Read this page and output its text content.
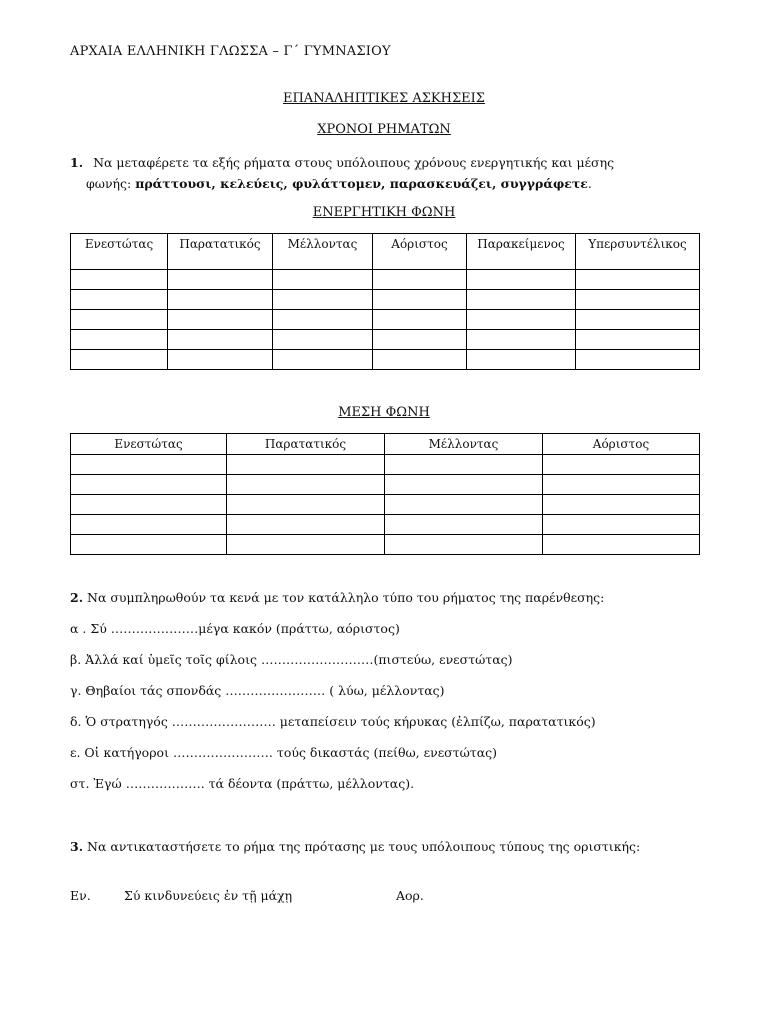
ΑΡΧΑΙΑ ΕΛΛΗΝΙΚΗ ΓΛΩΣΣΑ – Γ΄ ΓΥΜΝΑΣΙΟΥ
ΕΠΑΝΑΛΗΠΤΙΚΕΣ ΑΣΚΗΣΕΙΣ
ΧΡΟΝΟΙ ΡΗΜΑΤΩΝ
1. Να μεταφέρετε τα εξής ρήματα στους υπόλοιπους χρόνους ενεργητικής και μέσης
φωνής: πράττουσι, κελεύεις, φυλάττομεν, παρασκευάζει, συγγράφετε.
ΕΝΕΡΓΗΤΙΚΗ ΦΩΝΗ
Ενεστώτας	Παρατατικός	Μέλλοντας	Αόριστος	Παρακείμενος	Υπερσυντέλικος

ΜΕΣΗ ΦΩΝΗ
Ενεστώτας	Παρατατικός	Μέλλοντας	Αόριστος

2. Να συμπληρωθούν τα κενά με τον κατάλληλο τύπο του ρήματος της παρένθεσης:
α . Σύ …………………μέγα κακόν (πράττω, αόριστος)
β. Ἀλλά καί ὑμεῖς τοῖς φίλοις ………………………(πιστεύω, ενεστώτας)
γ. Θηβαίοι τάς σπονδάς …………………… ( λύω, μέλλοντας)
δ. Ὁ στρατηγός ……………………. μεταπείσειν τούς κήρυκας (ἐλπίζω, παρατατικός)
ε. Οἱ κατήγοροι …………………… τούς δικαστάς (πείθω, ενεστώτας)
στ. Ἐγώ ………………. τά δέοντα (πράττω, μέλλοντας).
3. Να αντικαταστήσετε το ρήμα της πρότασης με τους υπόλοιπους τύπους της οριστικής:
Εν.	Σύ κινδυνεύεις ἐν τῇ μάχῃ	Αορ.
